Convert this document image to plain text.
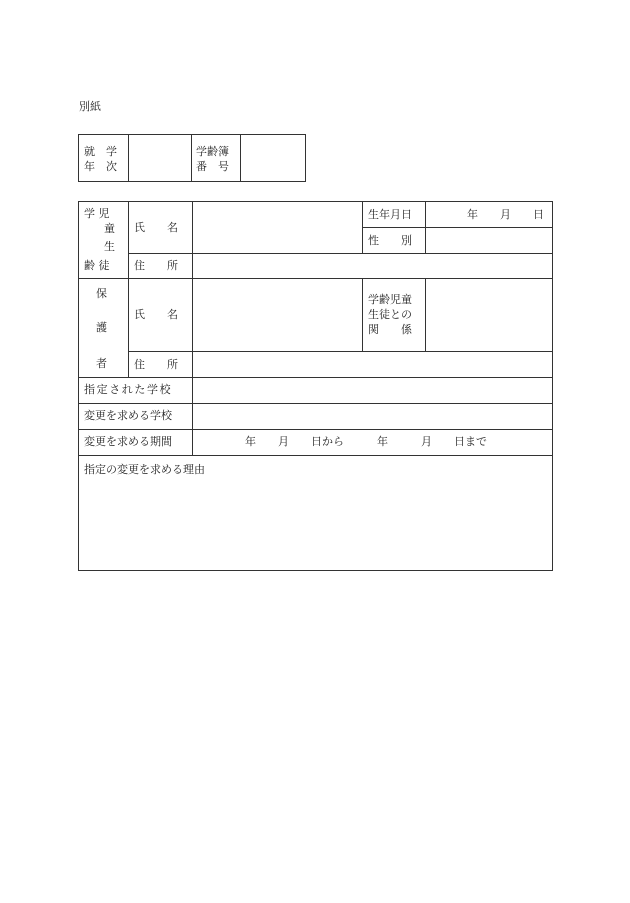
別紙
就　学
年　次
学齢簿
番　号
学 児
童
生
齢 徒
氏　　名
生年月日	年　　月　　日
性　　別
住　　所
保
護
者
氏　　名
学齢児童
生徒との
関　　係
住　　所
指定された学校
変更を求める学校
変更を求める期間	年　　月　　日から　　　年　　　月　　日まで
指定の変更を求める理由
